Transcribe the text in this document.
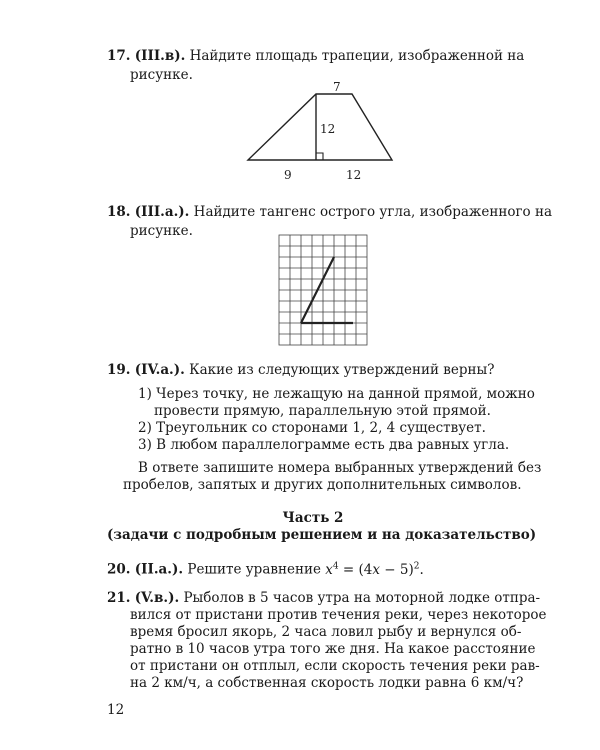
17. (III.в). Найдите площадь трапеции, изображенной на
рисунке.
7
12
9	12
18. (III.а.). Найдите тангенс острого угла, изображенного на
рисунке.
19. (IV.а.). Какие из следующих утверждений верны?
1) Через точку, не лежащую на данной прямой, можно
провести прямую, параллельную этой прямой.
2) Треугольник со сторонами 1, 2, 4 существует.
3) В любом параллелограмме есть два равных угла.
В ответе запишите номера выбранных утверждений без
пробелов, запятых и других дополнительных символов.
Часть 2
(задачи с подробным решением и на доказательство)
20. (II.а.). Решите уравнение $x^4 = (4x - 5)^2$.
21. (V.в.). Рыболов в 5 часов утра на моторной лодке отпра-
вился от пристани против течения реки, через некоторое
время бросил якорь, 2 часа ловил рыбу и вернулся об-
ратно в 10 часов утра того же дня. На какое расстояние
от пристани он отплыл, если скорость течения реки рав-
на 2 км/ч, а собственная скорость лодки равна 6 км/ч?
12
